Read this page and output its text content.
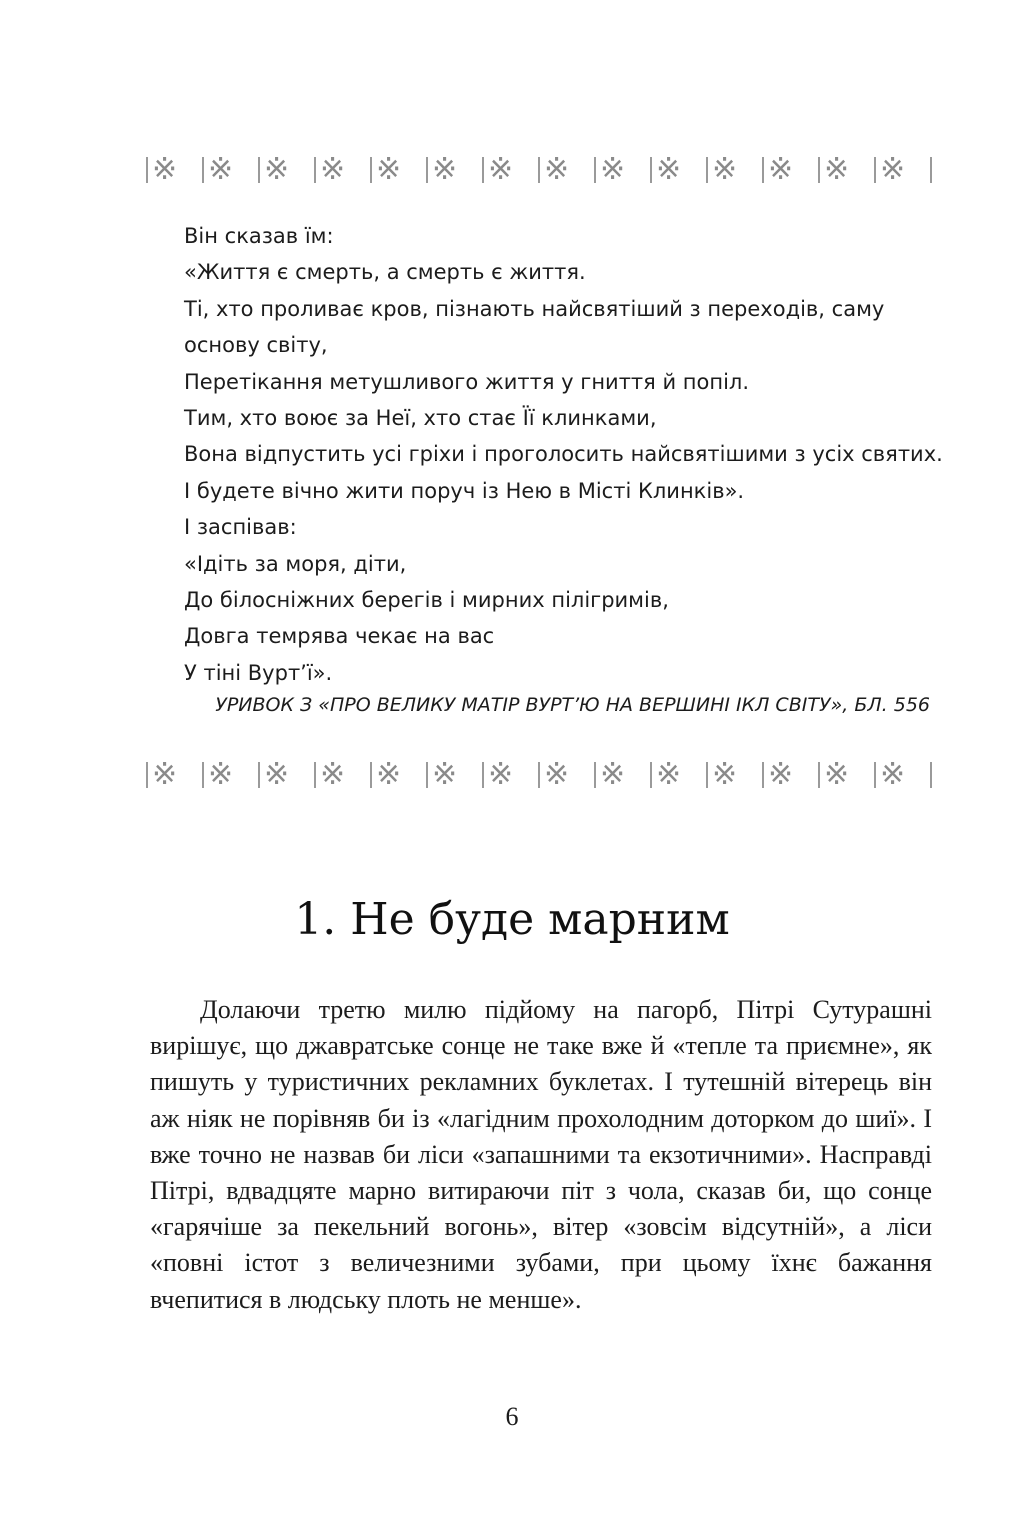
※ ※ ※ ※ ※ ※ ※ ※ ※ ※ ※ ※ ※ ※
Він сказав їм:
«Життя є смерть, а смерть є життя.
Ті, хто проливає кров, пізнають найсвятіший з переходів, саму основу світу,
Перетікання метушливого життя у гниття й попіл.
Тим, хто воює за Неї, хто стає Її клинками,
Вона відпустить усі гріхи і проголосить найсвятішими з усіх святих.
І будете вічно жити поруч із Нею в Місті Клинків».
І заспівав:
«Ідіть за моря, діти,
До білосніжних берегів і мирних пілігримів,
Довга темрява чекає на вас
У тіні Вурт’ї».
УРИВОК З «ПРО ВЕЛИКУ МАТІР ВУРТ’Ю НА ВЕРШИНІ ІКЛ СВІТУ», БЛ. 556
※ ※ ※ ※ ※ ※ ※ ※ ※ ※ ※ ※ ※ ※
1. Не буде марним

Долаючи третю милю підйому на пагорб, Пітрі Сутурашні вирішує, що джавратське сонце не таке вже й «тепле та приємне», як пишуть у туристичних рекламних буклетах. І тутешній вітерець він аж ніяк не порівняв би із «лагідним прохолодним доторком до шиї». І вже точно не назвав би ліси «запашними та екзотичними». Насправді Пітрі, вдвадцяте марно витираючи піт з чола, сказав би, що сонце «гарячіше за пекельний вогонь», вітер «зовсім відсутній», а ліси «повні істот з величезними зубами, при цьому їхнє бажання вчепитися в людську плоть не менше».

6
